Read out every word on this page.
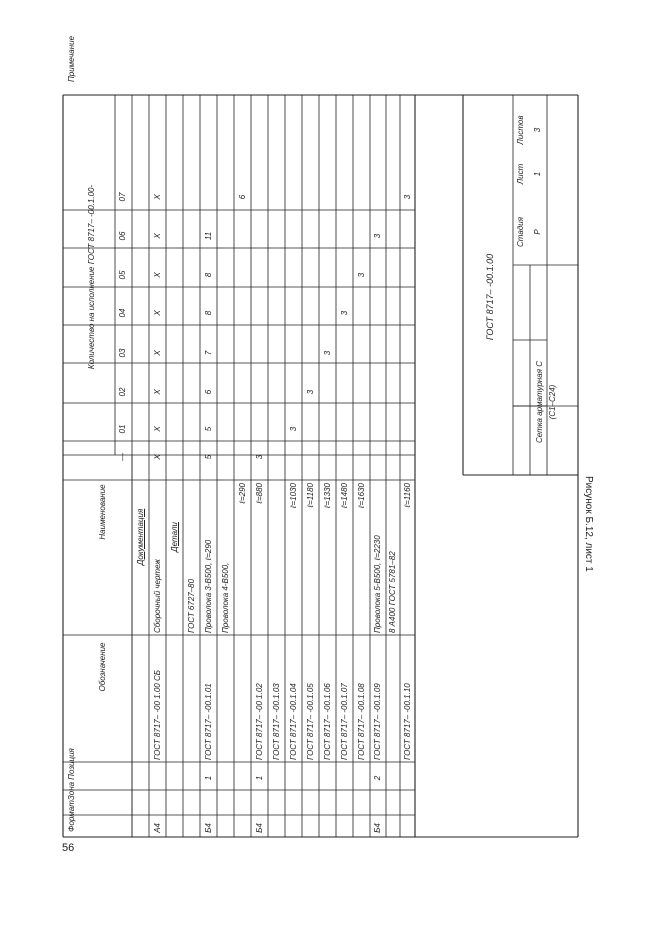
56
Рисунок Б.12, лист 1
Формат
Зона
Позиция
Обозначение
Наименование
Количество на исполнение ГОСТ 8717– -00.1.00-
Примечание
—
01
02
03
04
05
06
07
Документация
А4
ГОСТ 8717– -00 1.00 СБ
Сборочный чертеж
Х
Х
Х
Х
Х
Х
Х
Х
Детали
ГОСТ 6727–80
Б4
1
ГОСТ 8717– -00.1.01
Проволока 3-В500, ℓ=290
5
5
6
7
8
8
11
Проволока 4-В500,
ℓ=290
6
Б4
1
ГОСТ 8717– -00 1.02
ℓ=880
3
ГОСТ 8717– -00.1.03 ГОСТ 8717– -00.1.04
ℓ=1030
3
ГОСТ 8717– -00.1.05
ℓ=1180
3
ГОСТ 8717– -00.1.06
ℓ=1330
3
ГОСТ 8717– -00.1.07
ℓ=1480
3
ГОСТ 8717– -00.1.08
ℓ=1630
3
Б4
2
ГОСТ 8717– -00.1.09
Проволока 5-В500, ℓ=2230
3
8 А400 ГОСТ 5781–82
ГОСТ 8717– -00.1.10
ℓ=1160
3
ГОСТ 8717– -00.1.00
Сетка арматурная С (С1–С24)
Стадия
Лист
Листов
Р
1
3
